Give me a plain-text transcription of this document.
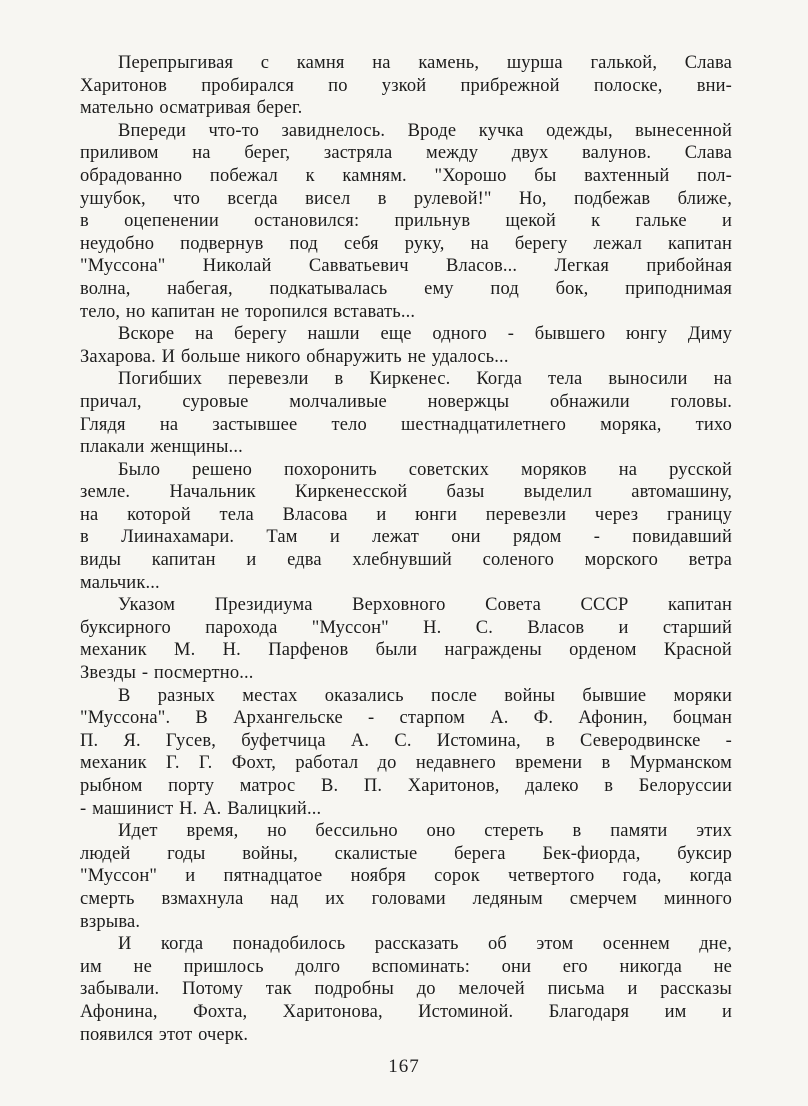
Перепрыгивая с камня на камень, шурша галькой, Слава
Харитонов пробирался по узкой прибрежной полоске, вни-
мательно осматривая берег.

Впереди что-то завиднелось. Вроде кучка одежды, вынесенной
приливом на берег, застряла между двух валунов. Слава
обрадованно побежал к камням. "Хорошо бы вахтенный пол-
ушубок, что всегда висел в рулевой!" Но, подбежав ближе,
в оцепенении остановился: прильнув щекой к гальке и
неудобно подвернув под себя руку, на берегу лежал капитан
"Муссона" Николай Савватьевич Власов... Легкая прибойная
волна, набегая, подкатывалась ему под бок, приподнимая
тело, но капитан не торопился вставать...

Вскоре на берегу нашли еще одного - бывшего юнгу Диму
Захарова. И больше никого обнаружить не удалось...

Погибших перевезли в Киркенес. Когда тела выносили на
причал, суровые молчаливые новержцы обнажили головы.
Глядя на застывшее тело шестнадцатилетнего моряка, тихо
плакали женщины...

Было решено похоронить советских моряков на русской
земле. Начальник Киркенесской базы выделил автомашину,
на которой тела Власова и юнги перевезли через границу
в Лиинахамари. Там и лежат они рядом - повидавший
виды капитан и едва хлебнувший соленого морского ветра
мальчик...

Указом Президиума Верховного Совета СССР капитан
буксирного парохода "Муссон" Н. С. Власов и старший
механик М. Н. Парфенов были награждены орденом Красной
Звезды - посмертно...

В разных местах оказались после войны бывшие моряки
"Муссона". В Архангельске - старпом А. Ф. Афонин, боцман
П. Я. Гусев, буфетчица А. С. Истомина, в Северодвинске -
механик Г. Г. Фохт, работал до недавнего времени в Мурманском
рыбном порту матрос В. П. Харитонов, далеко в Белоруссии
- машинист Н. А. Валицкий...

Идет время, но бессильно оно стереть в памяти этих
людей годы войны, скалистые берега Бек-фиорда, буксир
"Муссон" и пятнадцатое ноября сорок четвертого года, когда
смерть взмахнула над их головами ледяным смерчем минного
взрыва.

И когда понадобилось рассказать об этом осеннем дне,
им не пришлось долго вспоминать: они его никогда не
забывали. Потому так подробны до мелочей письма и рассказы
Афонина, Фохта, Харитонова, Истоминой. Благодаря им и
появился этот очерк.

167
